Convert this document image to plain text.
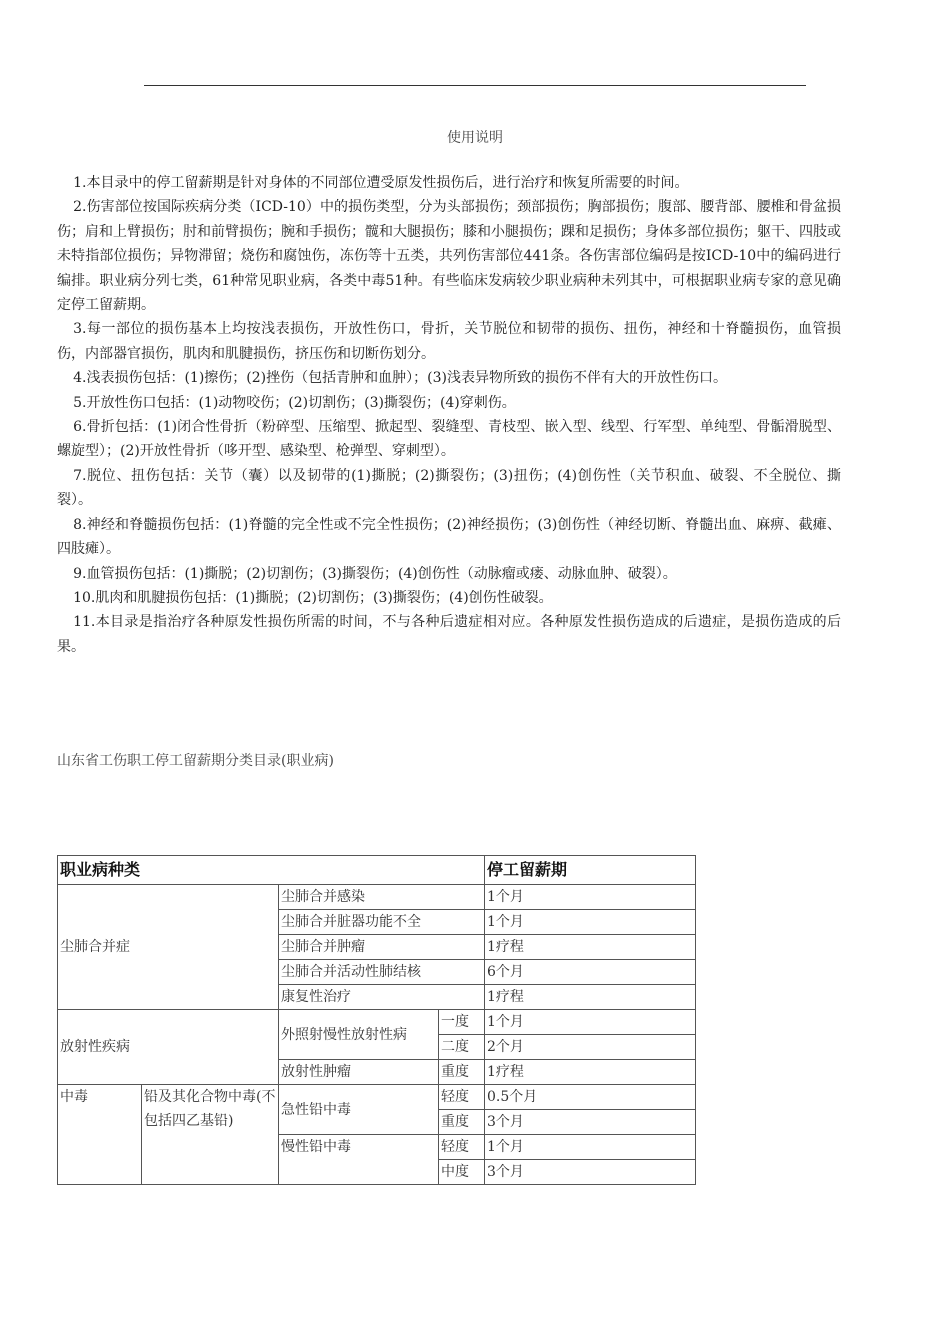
使用说明

1.本目录中的停工留薪期是针对身体的不同部位遭受原发性损伤后，进行治疗和恢复所需要的时间。

2.伤害部位按国际疾病分类（ICD-10）中的损伤类型，分为头部损伤；颈部损伤；胸部损伤；腹部、腰背部、腰椎和骨盆损伤；肩和上臂损伤；肘和前臂损伤；腕和手损伤；髋和大腿损伤；膝和小腿损伤；踝和足损伤；身体多部位损伤；躯干、四肢或未特指部位损伤；异物滞留；烧伤和腐蚀伤，冻伤等十五类，共列伤害部位441条。各伤害部位编码是按ICD-10中的编码进行编排。职业病分列七类，61种常见职业病，各类中毒51种。有些临床发病较少职业病种未列其中，可根据职业病专家的意见确定停工留薪期。

3.每一部位的损伤基本上均按浅表损伤，开放性伤口，骨折，关节脱位和韧带的损伤、扭伤，神经和十脊髓损伤，血管损伤，内部器官损伤，肌肉和肌腱损伤，挤压伤和切断伤划分。

4.浅表损伤包括：(1)擦伤；(2)挫伤（包括青肿和血肿）；(3)浅表异物所致的损伤不伴有大的开放性伤口。

5.开放性伤口包括：(1)动物咬伤；(2)切割伤；(3)撕裂伤；(4)穿刺伤。

6.骨折包括：(1)闭合性骨折（粉碎型、压缩型、掀起型、裂缝型、青枝型、嵌入型、线型、行军型、单纯型、骨骺滑脱型、螺旋型）；(2)开放性骨折（哆开型、感染型、枪弹型、穿刺型）。

7.脱位、扭伤包括：关节（囊）以及韧带的(1)撕脱；(2)撕裂伤；(3)扭伤；(4)创伤性（关节积血、破裂、不全脱位、撕裂）。

8.神经和脊髓损伤包括：(1)脊髓的完全性或不完全性损伤；(2)神经损伤；(3)创伤性（神经切断、脊髓出血、麻痹、截瘫、四肢瘫）。

9.血管损伤包括：(1)撕脱；(2)切割伤；(3)撕裂伤；(4)创伤性（动脉瘤或瘘、动脉血肿、破裂）。

10.肌肉和肌腱损伤包括：(1)撕脱；(2)切割伤；(3)撕裂伤；(4)创伤性破裂。

11.本目录是指治疗各种原发性损伤所需的时间，不与各种后遗症相对应。各种原发性损伤造成的后遗症，是损伤造成的后果。

山东省工伤职工停工留薪期分类目录(职业病)
职业病种类				停工留薪期
尘肺合并症		尘肺合并感染		1个月
		尘肺合并脏器功能不全		1个月
		尘肺合并肿瘤		1疗程
		尘肺合并活动性肺结核		6个月
		康复性治疗		1疗程
放射性疾病		外照射慢性放射性病	一度	1个月
			二度	2个月
		放射性肿瘤	重度	1疗程
中毒	铅及其化合物中毒(不包括四乙基铅)	急性铅中毒	轻度	0.5个月
			重度	3个月
		慢性铅中毒	轻度	1个月
			中度	3个月
